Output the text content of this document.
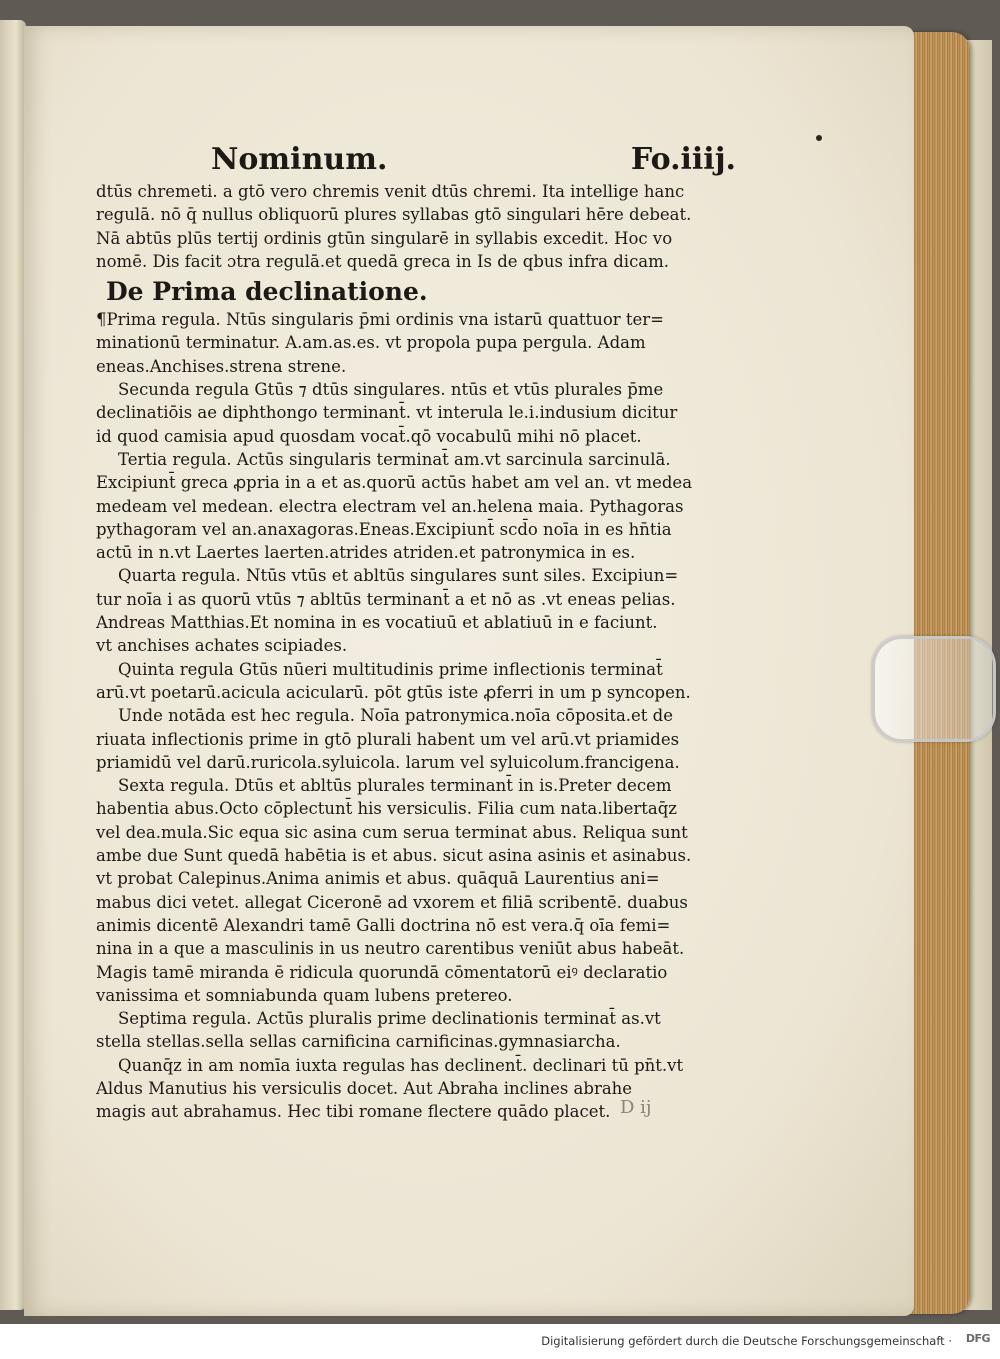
Nominum.	Fo.iiij.
dtūs chremeti. a gtō vero chremis venit dtūs chremi. Ita intellige hanc
regulā. nō q̄ nullus obliquorū plures syllabas gtō singulari hēre debeat.
Nā abtūs plūs tertij ordinis gtūn singularē in syllabis excedit. Hoc vo
nomē. Dis facit ɔtra regulā.et quedā greca in Is de qbus infra dicam.
De Prima declinatione.
¶Prima regula. Ntūs singularis p̄mi ordinis vna istarū quattuor ter=
minationū terminatur. A.am.as.es. vt propola pupa pergula. Adam
eneas.Anchises.strena strene.
Secunda regula Gtūs ⁊ dtūs singulares. ntūs et vtūs plurales p̄me
declinatiōis ae diphthongo terminant̄. vt interula le.i.indusium dicitur
id quod camisia apud quosdam vocat̄.qō vocabulū mihi nō placet.
Tertia regula. Actūs singularis terminat̄ am.vt sarcinula sarcinulā.
Excipiunt̄ greca ꝓpria in a et as.quorū actūs habet am vel an. vt medea
medeam vel medean. electra electram vel an.helena maia. Pythagoras
pythagoram vel an.anaxagoras.Eneas.Excipiunt̄ scd̄o noīa in es hn̄tia
actū in n.vt Laertes laerten.atrides atriden.et patronymica in es.
Quarta regula. Ntūs vtūs et abltūs singulares sunt siles. Excipiun=
tur noīa i as quorū vtūs ⁊ abltūs terminant̄ a et nō as .vt eneas pelias.
Andreas Matthias.Et nomina in es vocatiuū et ablatiuū in e faciunt.
vt anchises achates scipiades.
Quinta regula Gtūs nūeri multitudinis prime inflectionis terminat̄
arū.vt poetarū.acicula acicularū. pōt gtūs iste ꝓferri in um p syncopen.
Unde notāda est hec regula. Noīa patronymica.noīa cōposita.et de
riuata inflectionis prime in gtō plurali habent um vel arū.vt priamides
priamidū vel darū.ruricola.syluicola. larum vel syluicolum.francigena.
Sexta regula. Dtūs et abltūs plurales terminant̄ in is.Preter decem
habentia abus.Octo cōplectunt̄ his versiculis. Filia cum nata.libertaq̄z
vel dea.mula.Sic equa sic asina cum serua terminat abus. Reliqua sunt
ambe due Sunt quedā habētia is et abus. sicut asina asinis et asinabus.
vt probat Calepinus.Anima animis et abus. quāquā Laurentius ani=
mabus dici vetet. allegat Ciceronē ad vxorem et filiā scribentē. duabus
animis dicentē Alexandri tamē Galli doctrina nō est vera.q̄ oīa femi=
nina in a que a masculinis in us neutro carentibus veniūt abus habeāt.
Magis tamē miranda ē ridicula quorundā cōmentatorū eiꝰ declaratio
vanissima et somniabunda quam lubens pretereo.
Septima regula. Actūs pluralis prime declinationis terminat̄ as.vt
stella stellas.sella sellas carnificina carnificinas.gymnasiarcha.
Quanq̄z in am nomīa iuxta regulas has declinent̄. declinari tū pn̄t.vt
Aldus Manutius his versiculis docet. Aut Abraha inclines abrahe
magis aut abrahamus. Hec tibi romane flectere quādo placet. D ij
Digitalisierung gefördert durch die Deutsche Forschungsgemeinschaft · DFG
